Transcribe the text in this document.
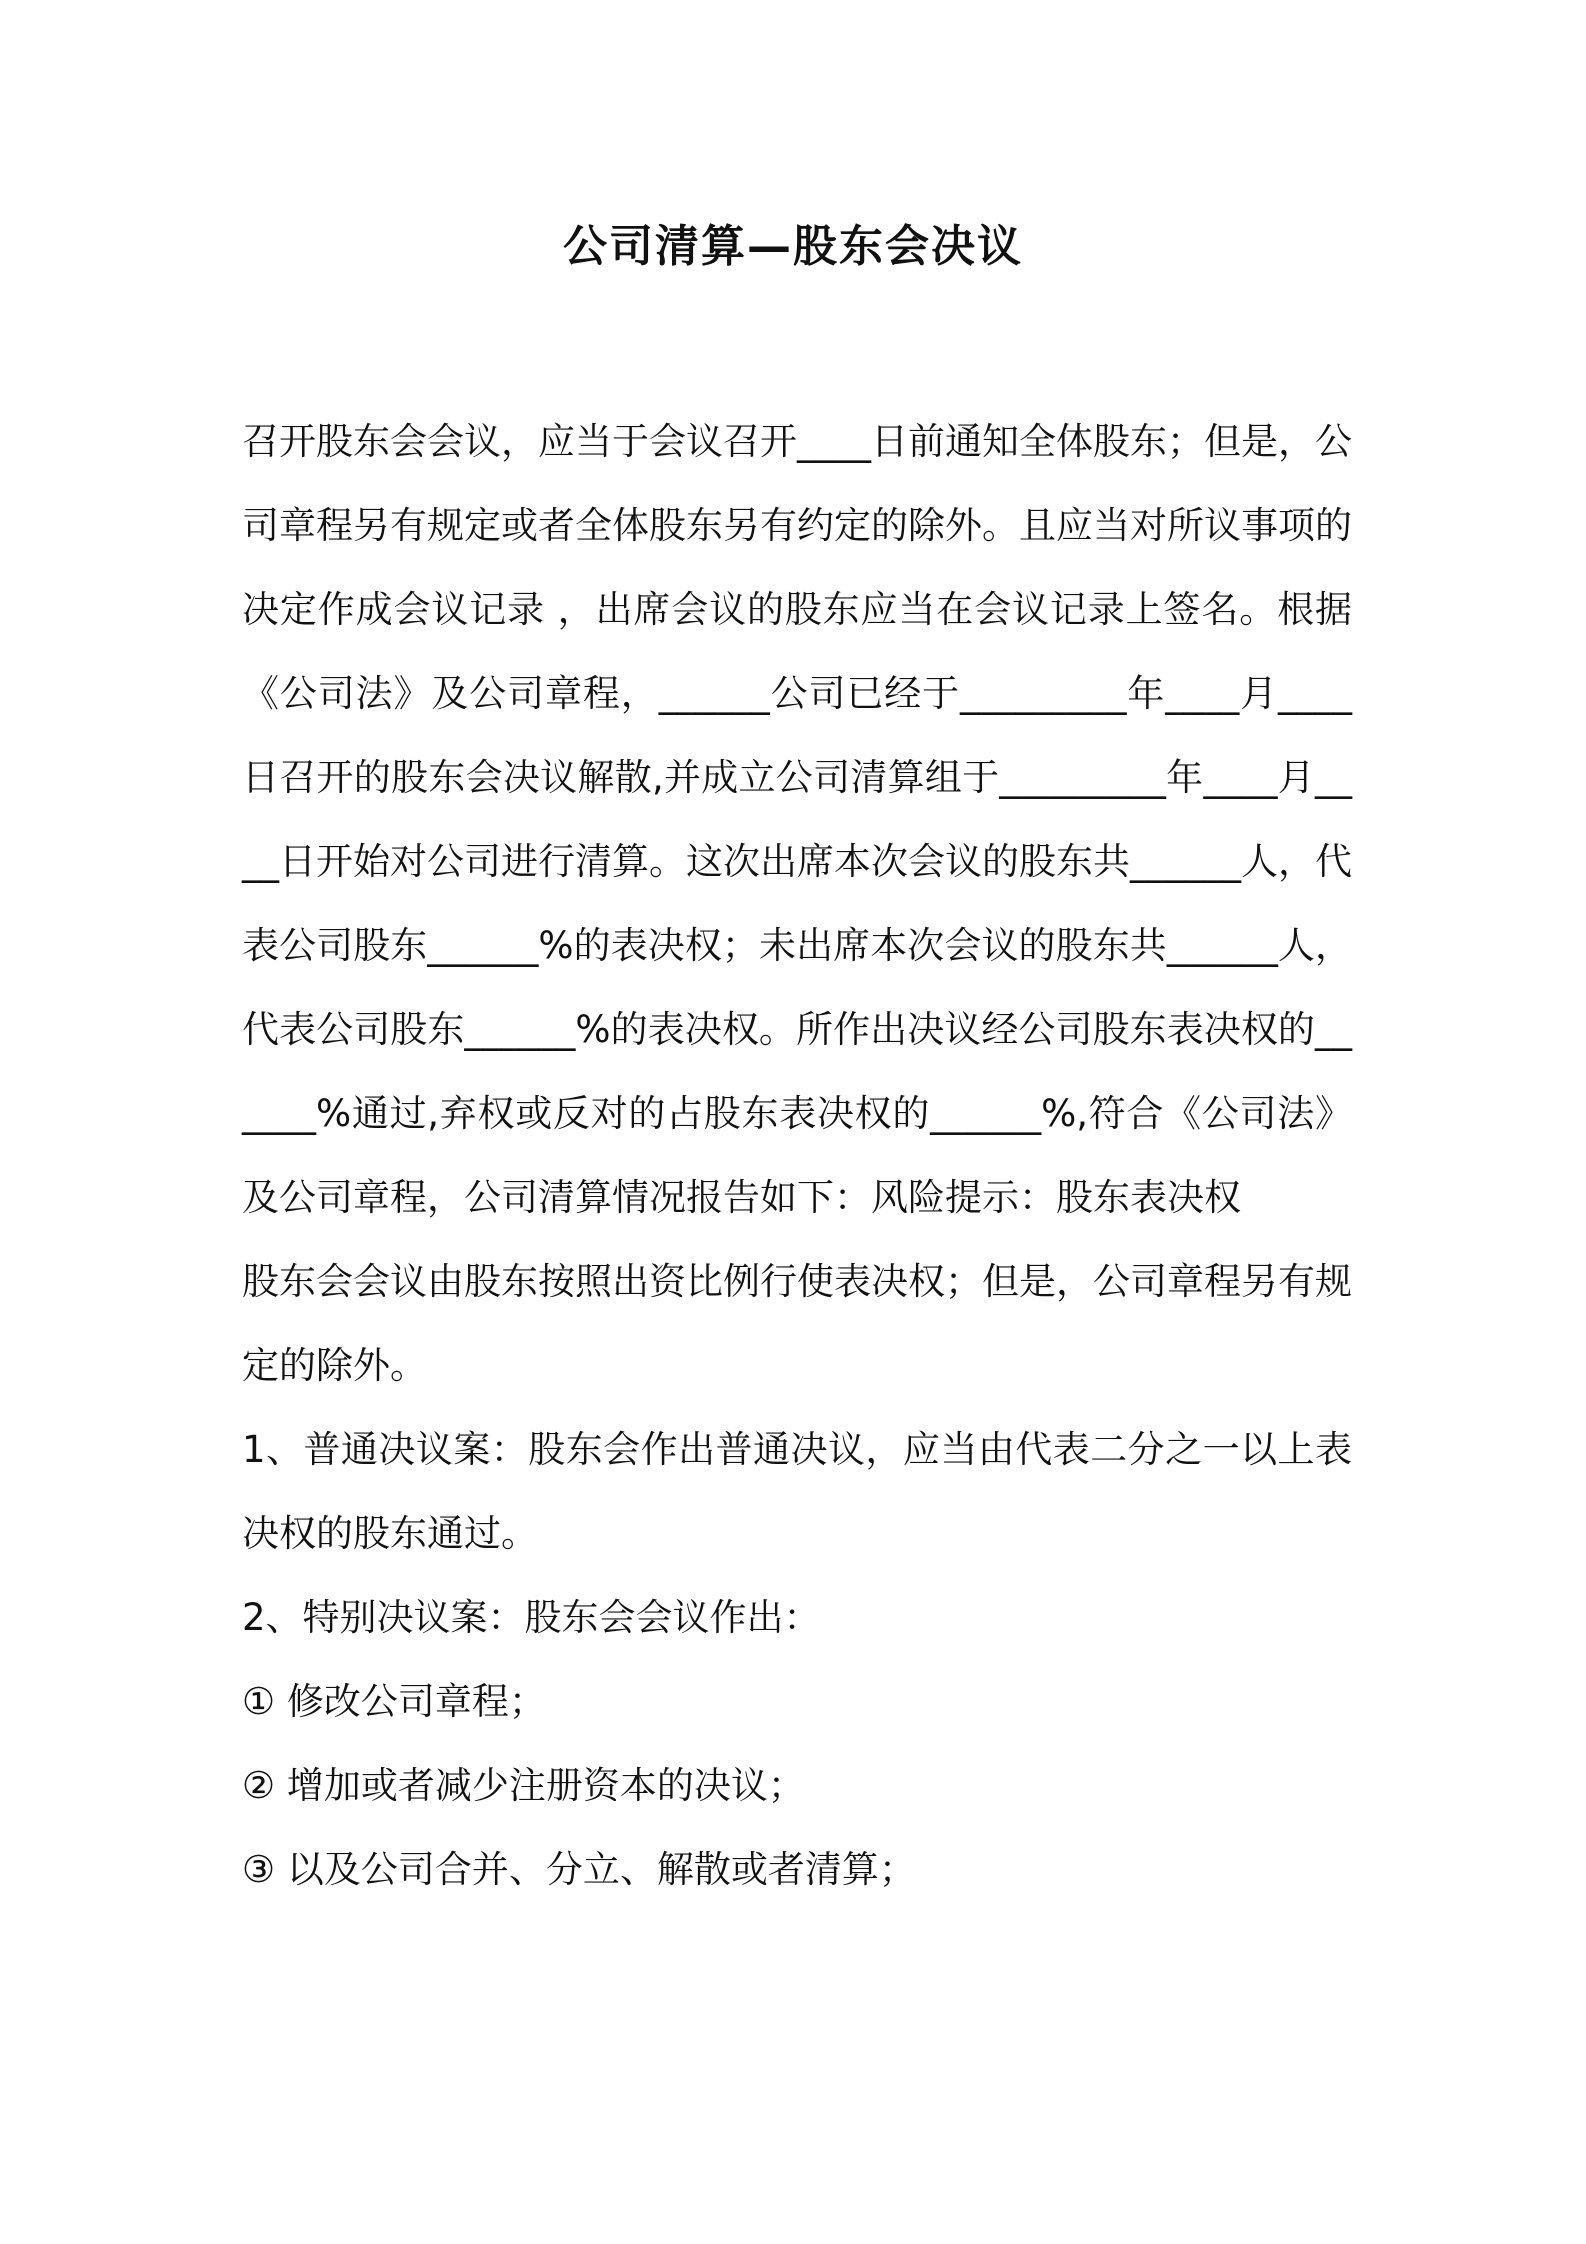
公司清算—股东会决议

召开股东会会议，应当于会议召开____日前通知全体股东；但是，公司章程另有规定或者全体股东另有约定的除外。且应当对所议事项的决定作成会议记录 ，出席会议的股东应当在会议记录上签名。根据《公司法》及公司章程，______公司已经于_________年____月____日召开的股东会决议解散,并成立公司清算组于_________年____月____日开始对公司进行清算。这次出席本次会议的股东共______人，代表公司股东______%的表决权；未出席本次会议的股东共______人，代表公司股东______%的表决权。所作出决议经公司股东表决权的______%通过,弃权或反对的占股东表决权的______%,符合《公司法》及公司章程，公司清算情况报告如下：风险提示：股东表决权

股东会会议由股东按照出资比例行使表决权；但是，公司章程另有规定的除外。

1、普通决议案：股东会作出普通决议，应当由代表二分之一以上表决权的股东通过。

2、特别决议案：股东会会议作出：

① 修改公司章程；

② 增加或者减少注册资本的决议；

③ 以及公司合并、分立、解散或者清算；
